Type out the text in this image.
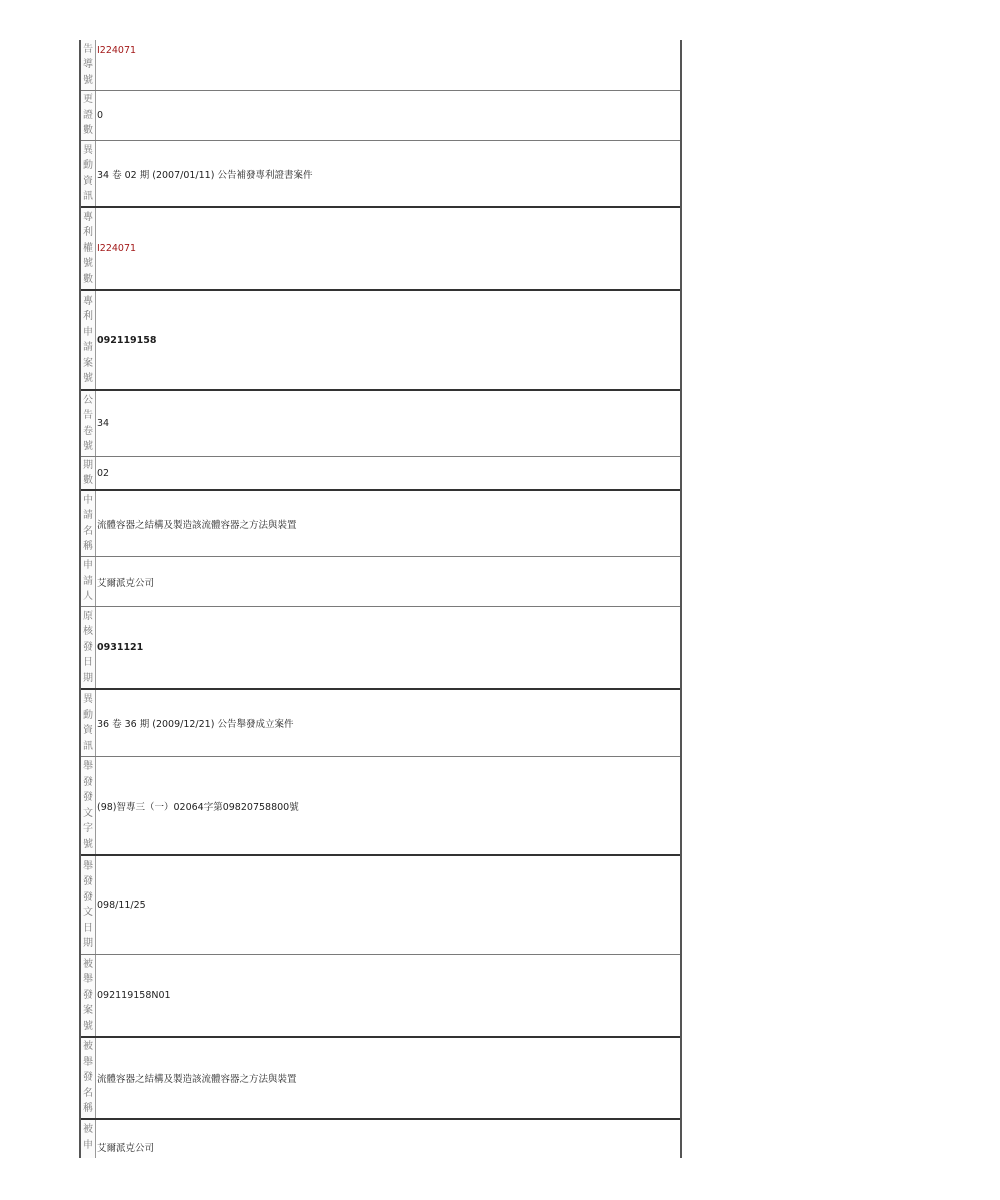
告
導
號
I224071
更
證
數
0
異
動
資
訊
34 卷 02 期 (2007/01/11) 公告補發專利證書案件
專
利
權
號
數
I224071
專
利
申
請
案
號
092119158
公
告
卷
號
34
期
數
02
中
請
名
稱
流體容器之結構及製造該流體容器之方法與裝置
申
請
人
艾爾派克公司
原
核
發
日
期
0931121
異
動
資
訊
36 卷 36 期 (2009/12/21) 公告舉發成立案件
舉
發
發
文
字
號
(98)智專三（一）02064字第09820758800號
舉
發
發
文
日
期
098/11/25
被
舉
發
案
號
092119158N01
被
舉
發
名
稱
流體容器之結構及製造該流體容器之方法與裝置
被
申 艾爾派克公司
